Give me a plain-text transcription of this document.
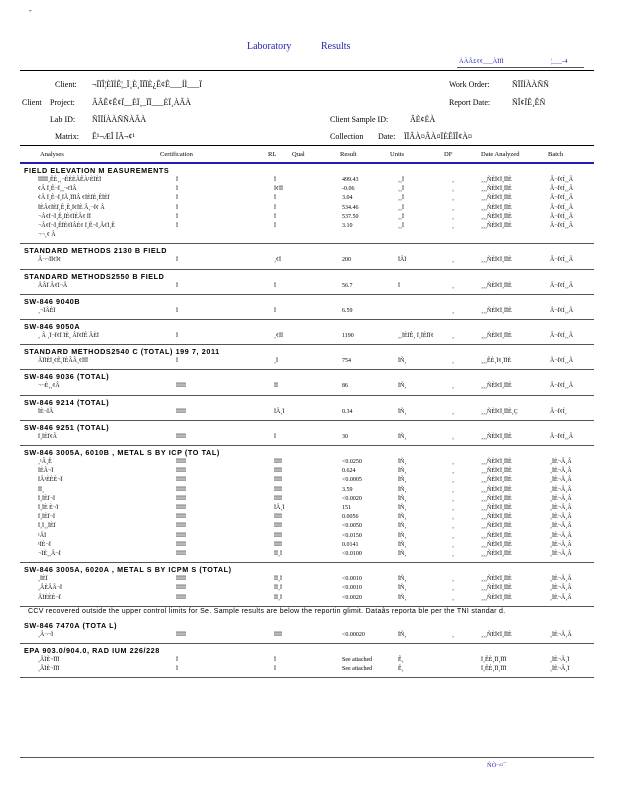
-
Laboratory	Results
ÀÀÂ£¢¢___ÀÏÏÌ	¦___-4
Client: ¬ÏÏÎ¦ÈÏÍÊ¦_Ï¸È¸ÏÏÏÈ¿Ê¢Ê___ÍÌ___Ï
Client Project: ÂÂÊ¢Ê¢Ï__ÈÏ¸_ÏÏ___ÈÏ¸ÀÂÀ
Lab ID: ÑÏÏÍÀÀÑÑÀÂÀ
Matrix: Ê¹¬ÆÎ ÏÃ¬¢¹
Work Order:	ÑÏÏÍÀÀÑÑ
Report Date:	ÑÎ¢ÏÊ¸ÊÑ
Client Sample ID:	ÂÈ¢ÈÀ
Collection Date: ÏÏÂÀ¤ÂÀ¤ÏÈÊÏÎ¢À¤
Analyses	Certification	RL Qual	Result	Units	DF	Date Analyzed	Batch
FIELD ELEVATION M EASUREMENTS
ÏÏÏÏÏ¸ÊÈ¸¸¬ÊÈÈÂÊÀ¹ÈÏÈÏ	Ï	Ï	499.43	¸¸Ï	¸	¸¸¸ÑÈÏ¢Ï¸ÏÏÈ	Â¬Ï¢Í¸¸Â
¢Â Ï¸Ê¬Ï¸¸¬¢ÏÂ	Ï	Ï¢ÏÏ	-0.06	¸¸Ï	¸	¸¸¸ÑÈÏ¢Ï¸ÏÏÈ	Â¬Ï¢Í¸¸Â
¢Â Ï¸Ê¬Ï¸ÏÂ¸ÏÏÏÂ ¢ÏÈÏÈ¸ÊÏÈÏ	Ï	Ï	3.04	¸¸Ï	¸	¸¸¸ÑÈÏ¢Ï¸ÏÏÈ	Â¬Ï¢Í¸¸Â
ÏÈÂ¢ÏÈÏ¸Ê¸Ê¸Ï¢ÏÈ Â¸¬Ï¢ Â	Ï	Ï	534.46	¸¸Ï	¸	¸¸¸ÑÈÏ¢Ï¸ÏÏÈ	Â¬Ï¢Í¸¸Â
¬Â¢Ï¬Ï¸Ê¸ÏÈ¢ÏÈÂ¢ ÏÏ	Ï	Ï	537.50	¸¸Ï	¸	¸¸¸ÑÈÏ¢Ï¸ÏÏÈ	Â¬Ï¢Í¸¸Â
¬Â¢Ï¬Ï¸ÊÏÈ¢ÏÂÈ¢ Ï¸Ê¬Ï¸Â¢Ï¸Ê	Ï	Ï	3.10	¸¸Ï	¸	¸¸¸ÑÈÏ¢Ï¸ÏÏÈ	Â¬Ï¢Í¸¸Â
¬¬¸¢ Â
STANDARD METHODS 2130 B FIELD
Â¬¬ÏÏ¢Ï¢	Ï	¸¢Ï	200	ÏÂÏ	¸	¸¸¸ÑÈÏ¢Ï¸ÏÏÈ	Â¬Ï¢Í¸¸Â
STANDARD METHODS2550 B FIELD
ÂÂÏ Â¢Ï¬Â	Ï	Ï	56.7	Ï	¸	¸¸¸ÑÈÏ¢Ï¸ÏÏÈ	Â¬Ï¢Í¸¸Â
SW-846 9040B
¸¬ÏÂÈÏ	Ï	Ï	6.59	¸	¸¸¸ÑÈÏ¢Ï¸ÏÏÈ	Â¬Ï¢Í¸¸Â
SW-846 9050A
¸ Â ¸Ï¬Ï¢Ï ÏÈ¸ ÂÏ¢ÏÊ ÂÈÏ	Ï	¸¢ÏÏ	1190	¸¸ÏÈÏÊ¸ Ï¸ÏÈÏÏ¢	¸	¸¸¸ÑÈÏ¢Ï¸ÏÏÈ	Â¬Ï¢Í¸¸Â
STANDARD METHODS2540 C (TOTAL) 199 7, 2011
ÂÏÏÈÏ¸¢Ê¸ÏÈÂÂ¸¢ÏÏÏ	Ï	¸Ï	754	ÏÑ¸	¸	¸¸¸ÊÈ¸Ï¢¸ÏÏÈ	Â¬Ï¢Í¸¸Â
SW-846 9036 (TOTAL)
¬¬È¸¸¢Â	ÏÏÏÏÏ	ÏÏ	86	ÏÑ¸	¸	¸¸¸ÑÈÏ¢Ï¸ÏÏÈ	Â¬Ï¢Í¸¸Â
SW-846 9214 (TOTAL)
ÏÈ¬ÏÂ	ÏÏÏÏÏ	ÏÂ¸Ï	0.34	ÏÑ¸	¸	¸¸¸ÑÈÏ¢Ï¸ÏÏÈ¸Ç	Â¬Ï¢Í¸
SW-846 9251 (TOTAL)
Ï¸ÏÈÏ¢Â	ÏÏÏÏÏ	Ï	30	ÏÑ¸	¸	¸¸¸ÑÈÏ¢Ï¸ÏÏÈ	Â¬Ï¢Í¸¸Â
SW-846 3005A, 6010B , METAL S BY ICP (TO TAL)
¸¹Â¸Ê	ÏÏÏÏÏ	ÏÏÏÏ	<0.0250	ÏÑ¸	¸	¸¸¸ÑÈÏ¢Ï¸ÏÏÈ	¸ÏÈ¬Â¸Â
ÏÈÂ¬Ï	ÏÏÏÏÏ	ÏÏÏÏ	0.624	ÏÑ¸	¸	¸¸¸ÑÈÏ¢Ï¸ÏÏÈ	¸ÏÈ¬Â¸Â
ÏÂ¹ÈÈÈ¬Ï	ÏÏÏÏÏ	ÏÏÏÏ	<0.0005	ÏÑ¸	¸	¸¸¸ÑÈÏ¢Ï¸ÏÏÈ	¸ÏÈ¬Â¸Â
ÏÏ¸	ÏÏÏÏÏ	ÏÏÏÏ	3.59	ÏÑ¸	¸	¸¸¸ÑÈÏ¢Ï¸ÏÏÈ	¸ÏÈ¬Â¸Â
Ï¸ÏÈÏ¬Ï	ÏÏÏÏÏ	ÏÏÏÏ	<0.0020	ÏÑ¸	¸	¸¸¸ÑÈÏ¢Ï¸ÏÏÈ	¸ÏÈ¬Â¸Â
Ï¸ÏÈ È¬Ï	ÏÏÏÏÏ	ÏÂ¸Ï	151	ÏÑ¸	¸	¸¸¸ÑÈÏ¢Ï¸ÏÏÈ	¸ÏÈ¬Â¸Â
Ï¸ÏÈÏ¬Ï	ÏÏÏÏÏ	ÏÏÏÏ	0.0056	ÏÑ¸	¸	¸¸¸ÑÈÏ¢Ï¸ÏÏÈ	¸ÏÈ¬Â¸Â
Ï¸Ï¸¸ÏÈÏ	ÏÏÏÏÏ	ÏÏÏÏ	<0.0050	ÏÑ¸	¸	¸¸¸ÑÈÏ¢Ï¸ÏÏÈ	¸ÏÈ¬Â¸Â
¹ÂÏ	ÏÏÏÏÏ	ÏÏÏÏ	<0.0150	ÏÑ¸	¸	¸¸¸ÑÈÏ¢Ï¸ÏÏÈ	¸ÏÈ¬Â¸Â
¹ÏÈ¬Ï	ÏÏÏÏÏ	ÏÏÏÏ	0.0141	ÏÑ¸	¸	¸¸¸ÑÈÏ¢Ï¸ÏÏÈ	¸ÏÈ¬Â¸Â
¬ÏÈ¸¸Â¬Ï	ÏÏÏÏÏ	ÏÏ¸Ï	<0.0100	ÏÑ¸	¸	¸¸¸ÑÈÏ¢Ï¸ÏÏÈ	¸ÏÈ¬Â¸Â
SW-846 3005A, 6020A , METAL S BY ICPM S (TOTAL)
¸ÏÈÏ	ÏÏÏÏÏ	ÏÏ¸Ï	<0.0010	ÏÑ¸	¸	¸¸¸ÑÈÏ¢Ï¸ÏÏÈ	¸ÏÈ¬Â¸Â
¸ÂÈÂÂ¬Ï	ÏÏÏÏÏ	ÏÏ¸Ï	<0.0010	ÏÑ¸	¸	¸¸¸ÑÈÏ¢Ï¸ÏÏÈ	¸ÏÈ¬Â¸Â
ÂÏÈÈÈ¬Ï	ÏÏÏÏÏ	ÏÏ¸Ï	<0.0020	ÏÑ¸	¸	¸¸¸ÑÈÏ¢Ï¸ÏÏÈ	¸ÏÈ¬Â¸Â
CCV recovered outside the upper control limits for Se. Sample results are below the reportin glimit. Dataâs reporta ble per the TNI standar d.
SW-846 7470A (TOTA L)
¸Â¬¬Ï	ÏÏÏÏÏ	ÏÏÏÏ	<0.00020	ÏÑ¸	¸	¸¸¸ÑÈÏ¢Ï¸ÏÏÈ	¸ÏÈ¬Â¸Â
EPA 903.0/904.0, RAD IUM 226/228
¸ÂÏÈ¬ÏÏÏ	Ï	Ï	See attached	Ê¸	Ï¸ÊÈ¸ÏÏ¸ÏÏÏ	¸ÏÈ¬Â¸Ï
¸ÂÏÈ¬ÏÏÏ	Ï	Ï	See attached	Ê¸	Ï¸ÊÈ¸ÏÏ¸ÏÏÏ	¸ÏÈ¬Â¸Ï
ÑÒ¬¤¯
